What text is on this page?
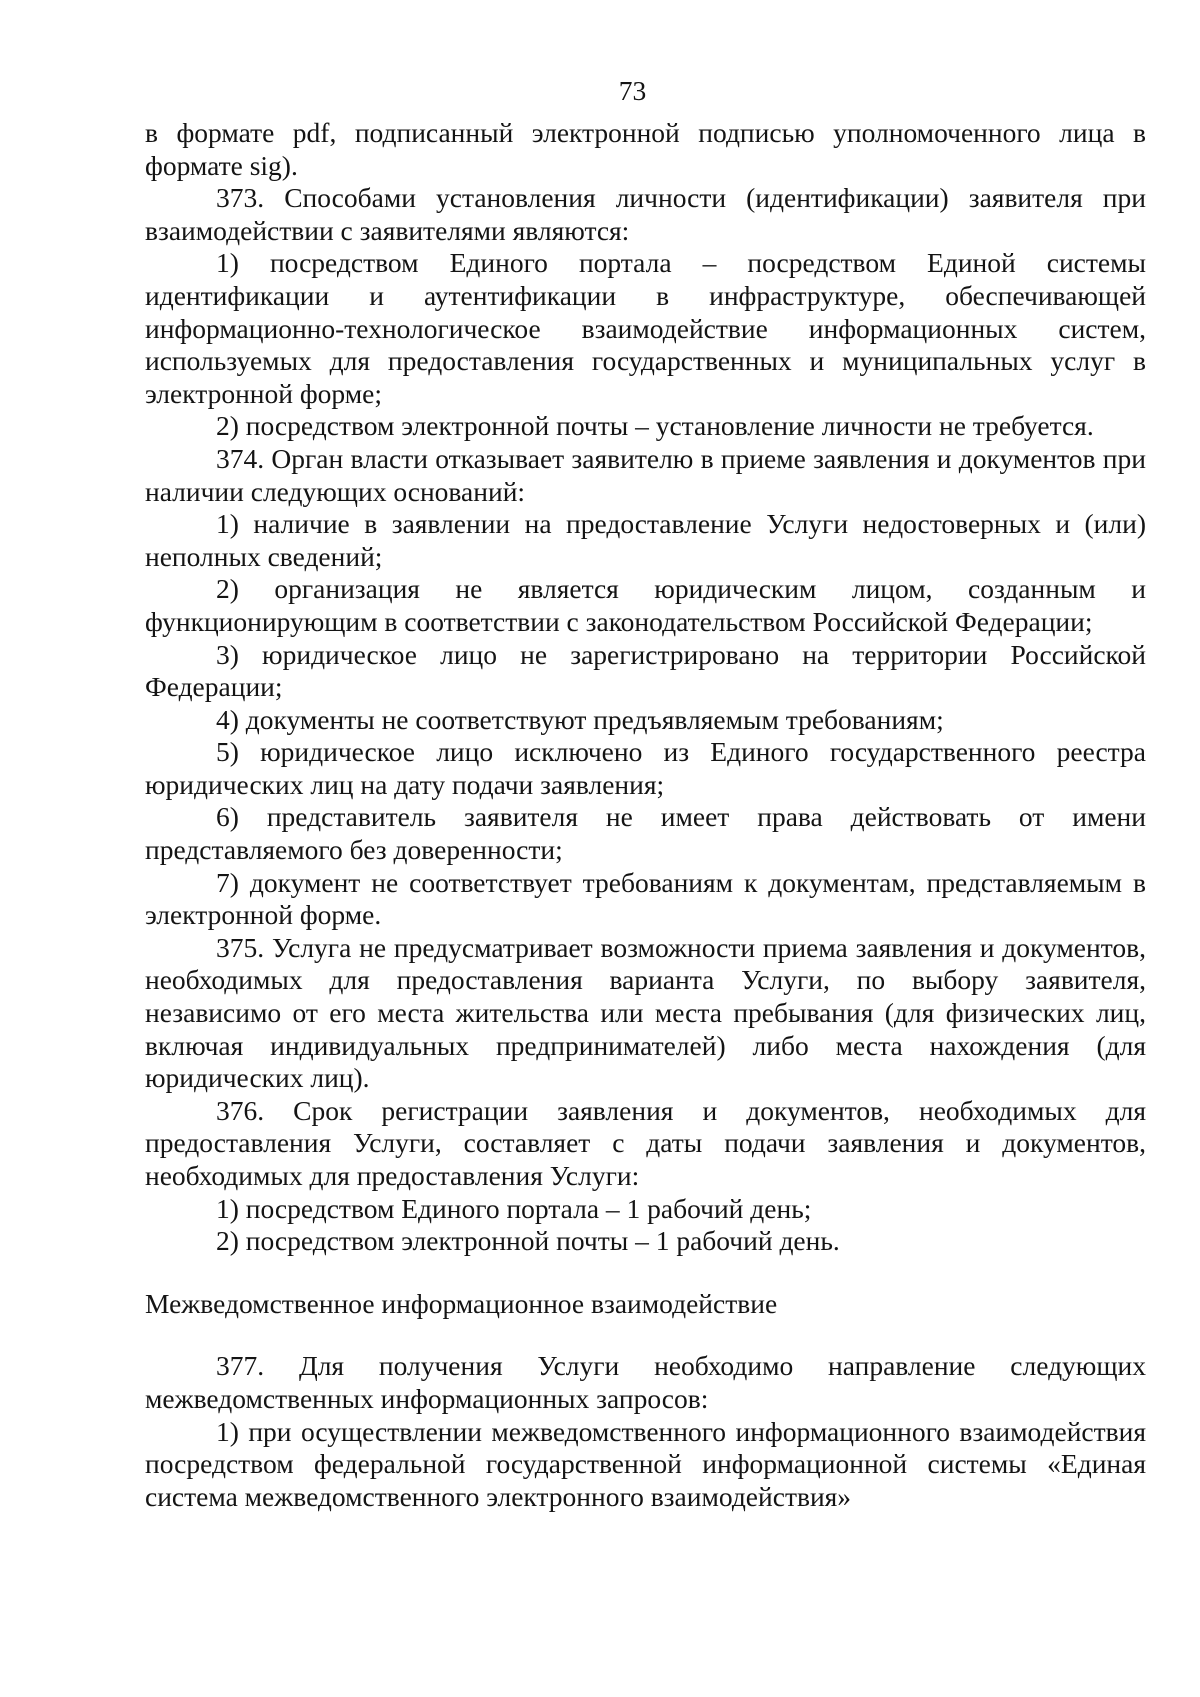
73

в формате pdf, подписанный электронной подписью уполномоченного лица в формате sig).

373. Способами установления личности (идентификации) заявителя при взаимодействии с заявителями являются:

1) посредством Единого портала – посредством Единой системы идентификации и аутентификации в инфраструктуре, обеспечивающей информационно-технологическое взаимодействие информационных систем, используемых для предоставления государственных и муниципальных услуг в электронной форме;

2) посредством электронной почты – установление личности не требуется.

374. Орган власти отказывает заявителю в приеме заявления и документов при наличии следующих оснований:

1) наличие в заявлении на предоставление Услуги недостоверных и (или) неполных сведений;

2) организация не является юридическим лицом, созданным и функционирующим в соответствии с законодательством Российской Федерации;

3) юридическое лицо не зарегистрировано на территории Российской Федерации;

4) документы не соответствуют предъявляемым требованиям;

5) юридическое лицо исключено из Единого государственного реестра юридических лиц на дату подачи заявления;

6) представитель заявителя не имеет права действовать от имени представляемого без доверенности;

7) документ не соответствует требованиям к документам, представляемым в электронной форме.

375. Услуга не предусматривает возможности приема заявления и документов, необходимых для предоставления варианта Услуги, по выбору заявителя, независимо от его места жительства или места пребывания (для физических лиц, включая индивидуальных предпринимателей) либо места нахождения (для юридических лиц).

376. Срок регистрации заявления и документов, необходимых для предоставления Услуги, составляет с даты подачи заявления и документов, необходимых для предоставления Услуги:

1) посредством Единого портала – 1 рабочий день;

2) посредством электронной почты – 1 рабочий день.

Межведомственное информационное взаимодействие

377. Для получения Услуги необходимо направление следующих межведомственных информационных запросов:

1) при осуществлении межведомственного информационного взаимодействия посредством федеральной государственной информационной системы «Единая система межведомственного электронного взаимодействия»
